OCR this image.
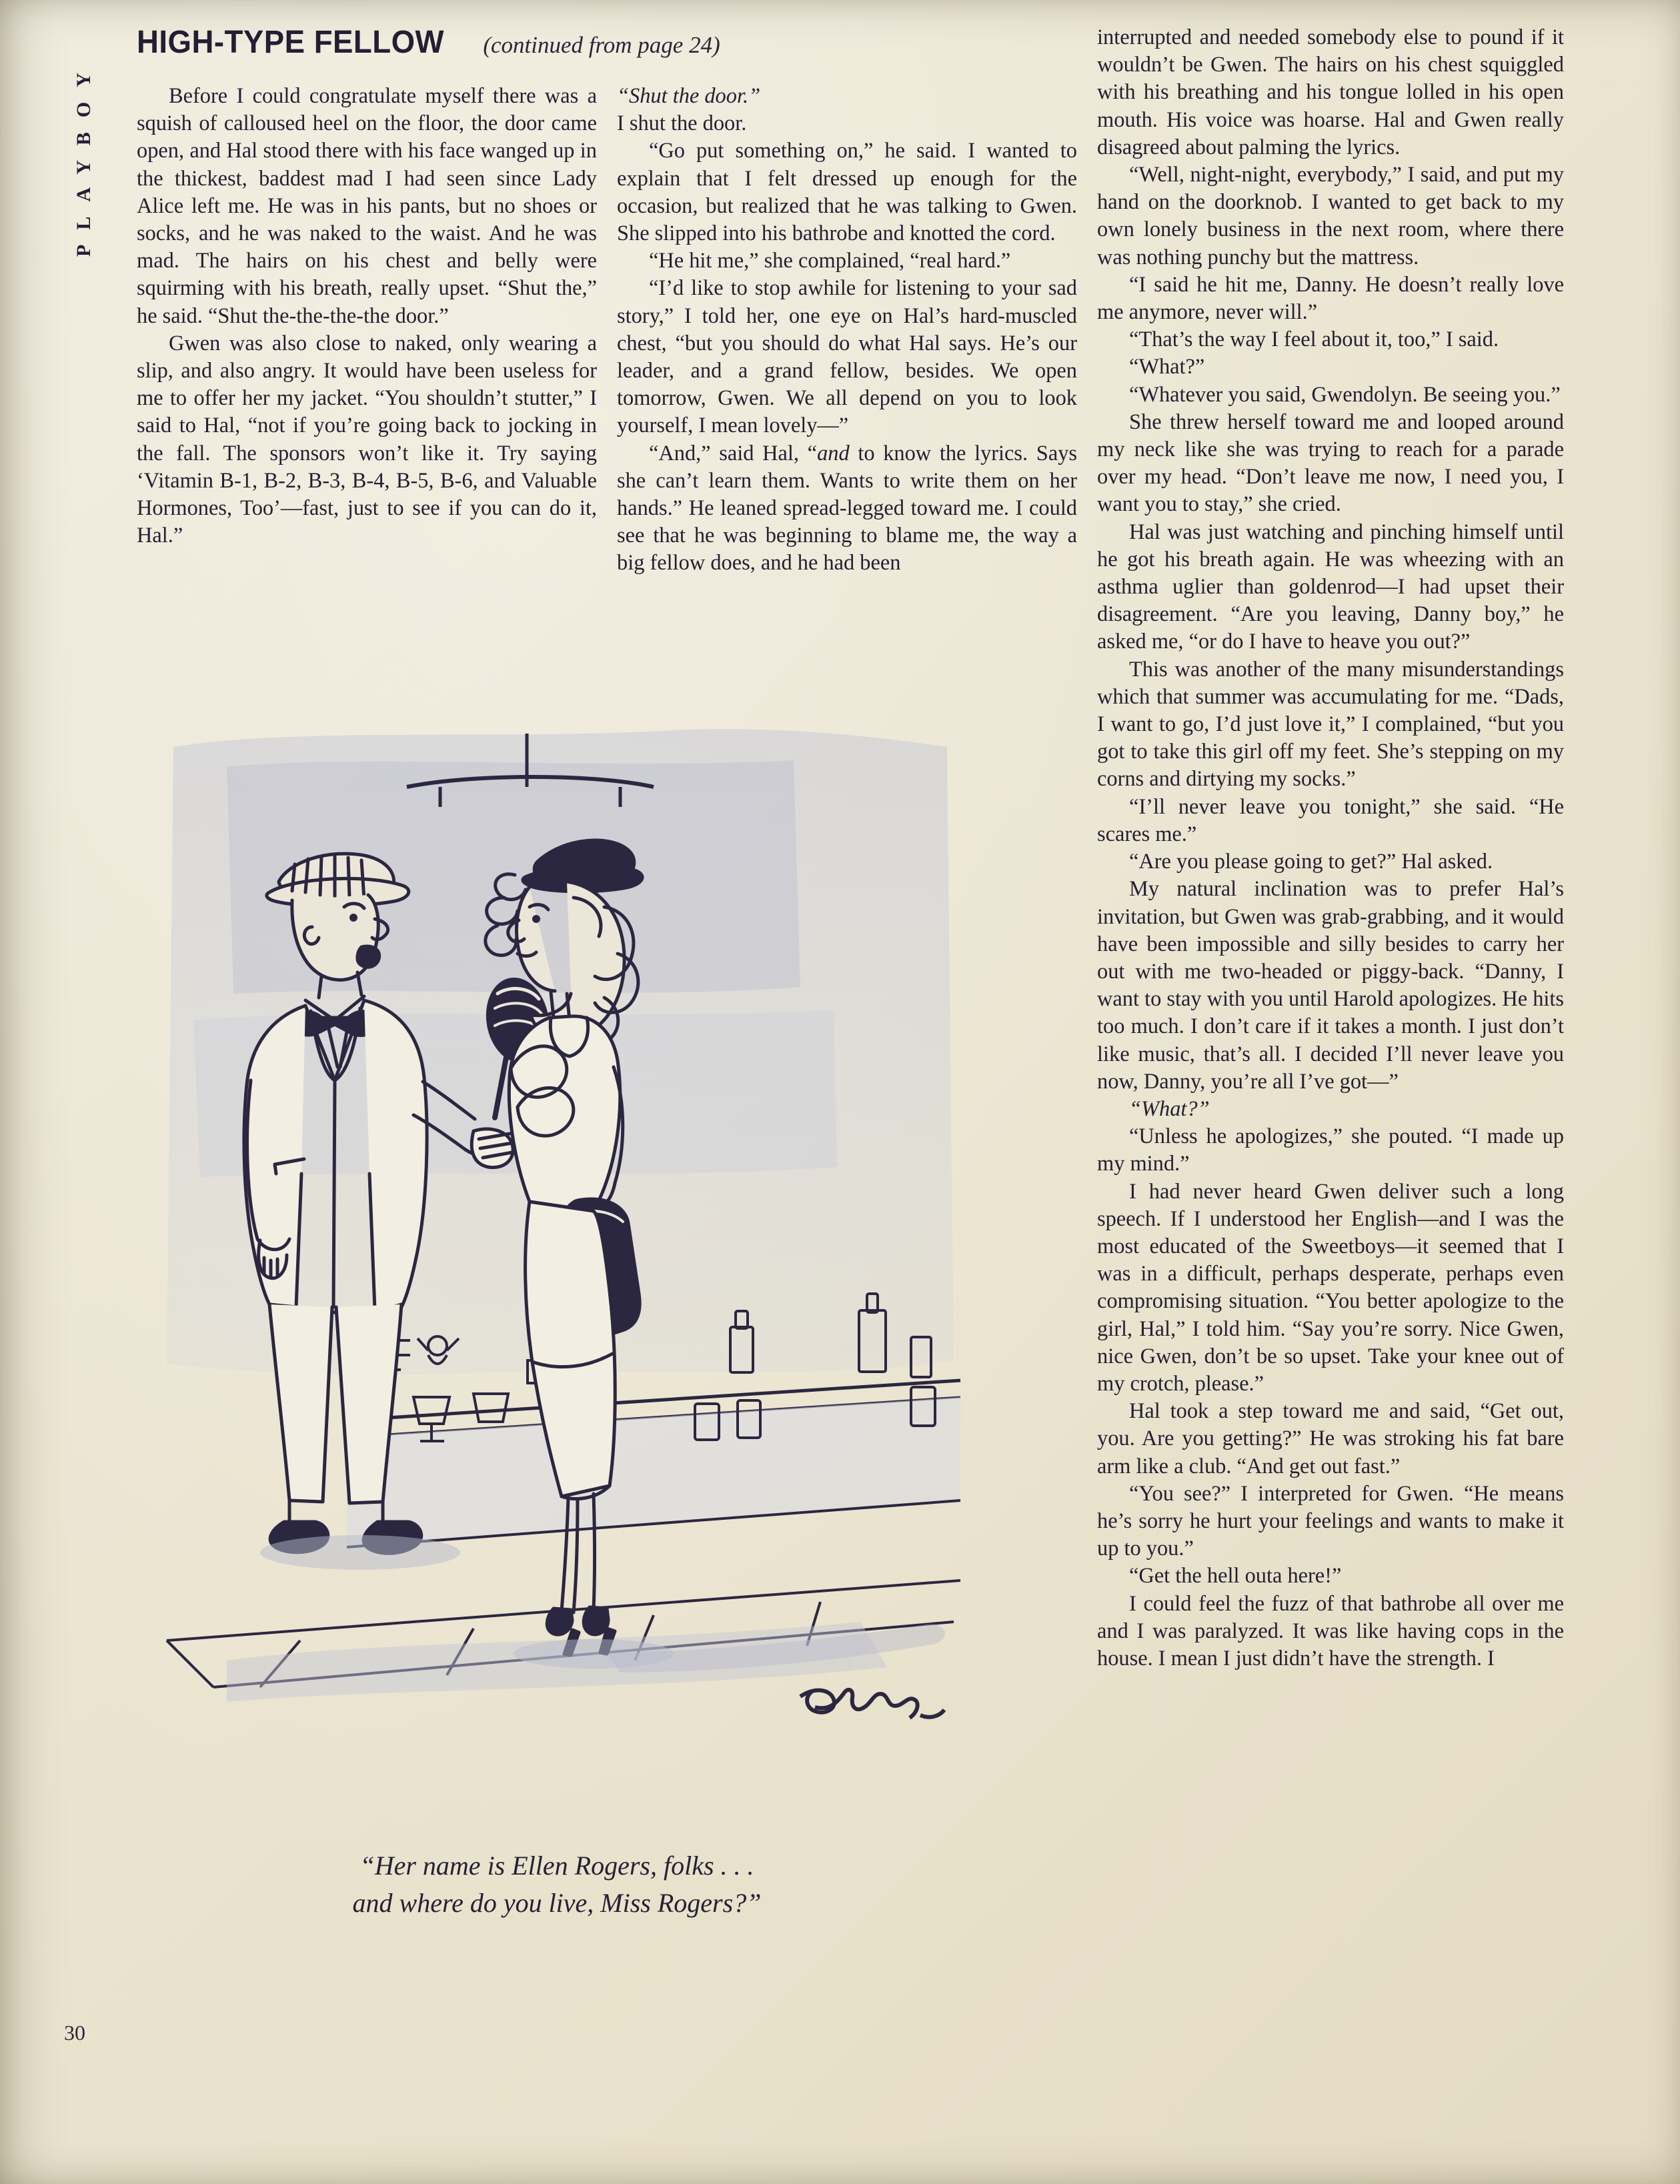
PLAYBOY
HIGH-TYPE FELLOW (continued from page 24)

Before I could congratulate myself there was a squish of calloused heel on the floor, the door came open, and Hal stood there with his face wanged up in the thickest, baddest mad I had seen since Lady Alice left me. He was in his pants, but no shoes or socks, and he was naked to the waist. And he was mad. The hairs on his chest and belly were squirming with his breath, really upset. “Shut the,” he said. “Shut the-the-the-the door.”

Gwen was also close to naked, only wearing a slip, and also angry. It would have been useless for me to offer her my jacket. “You shouldn’t stutter,” I said to Hal, “not if you’re going back to jocking in the fall. The sponsors won’t like it. Try saying ‘Vitamin B-1, B-2, B-3, B-4, B-5, B-6, and Valuable Hormones, Too’—fast, just to see if you can do it, Hal.”

“Shut the door.”

I shut the door.

“Go put something on,” he said. I wanted to explain that I felt dressed up enough for the occasion, but realized that he was talking to Gwen. She slipped into his bathrobe and knotted the cord.

“He hit me,” she complained, “real hard.”

“I’d like to stop awhile for listening to your sad story,” I told her, one eye on Hal’s hard-muscled chest, “but you should do what Hal says. He’s our leader, and a grand fellow, besides. We open tomorrow, Gwen. We all depend on you to look yourself, I mean lovely—”

“And,” said Hal, “and to know the lyrics. Says she can’t learn them. Wants to write them on her hands.” He leaned spread-legged toward me. I could see that he was beginning to blame me, the way a big fellow does, and he had been

interrupted and needed somebody else to pound if it wouldn’t be Gwen. The hairs on his chest squiggled with his breathing and his tongue lolled in his open mouth. His voice was hoarse. Hal and Gwen really disagreed about palming the lyrics.

“Well, night-night, everybody,” I said, and put my hand on the doorknob. I wanted to get back to my own lonely business in the next room, where there was nothing punchy but the mattress.

“I said he hit me, Danny. He doesn’t really love me anymore, never will.”

“That’s the way I feel about it, too,” I said.

“What?”

“Whatever you said, Gwendolyn. Be seeing you.”

She threw herself toward me and looped around my neck like she was trying to reach for a parade over my head. “Don’t leave me now, I need you, I want you to stay,” she cried.

Hal was just watching and pinching himself until he got his breath again. He was wheezing with an asthma uglier than goldenrod—I had upset their disagreement. “Are you leaving, Danny boy,” he asked me, “or do I have to heave you out?”

This was another of the many misunderstandings which that summer was accumulating for me. “Dads, I want to go, I’d just love it,” I complained, “but you got to take this girl off my feet. She’s stepping on my corns and dirtying my socks.”

“I’ll never leave you tonight,” she said. “He scares me.”

“Are you please going to get?” Hal asked.

My natural inclination was to prefer Hal’s invitation, but Gwen was grab-grabbing, and it would have been impossible and silly besides to carry her out with me two-headed or piggy-back. “Danny, I want to stay with you until Harold apologizes. He hits too much. I don’t care if it takes a month. I just don’t like music, that’s all. I decided I’ll never leave you now, Danny, you’re all I’ve got—”

“What?”

“Unless he apologizes,” she pouted. “I made up my mind.”

I had never heard Gwen deliver such a long speech. If I understood her English—and I was the most educated of the Sweetboys—it seemed that I was in a difficult, perhaps desperate, perhaps even compromising situation. “You better apologize to the girl, Hal,” I told him. “Say you’re sorry. Nice Gwen, nice Gwen, don’t be so upset. Take your knee out of my crotch, please.”

Hal took a step toward me and said, “Get out, you. Are you getting?” He was stroking his fat bare arm like a club. “And get out fast.”

“You see?” I interpreted for Gwen. “He means he’s sorry he hurt your feelings and wants to make it up to you.”

“Get the hell outa here!”

I could feel the fuzz of that bathrobe all over me and I was paralyzed. It was like having cops in the house. I mean I just didn’t have the strength. I

“Her name is Ellen Rogers, folks . . .
and where do you live, Miss Rogers?”
30
